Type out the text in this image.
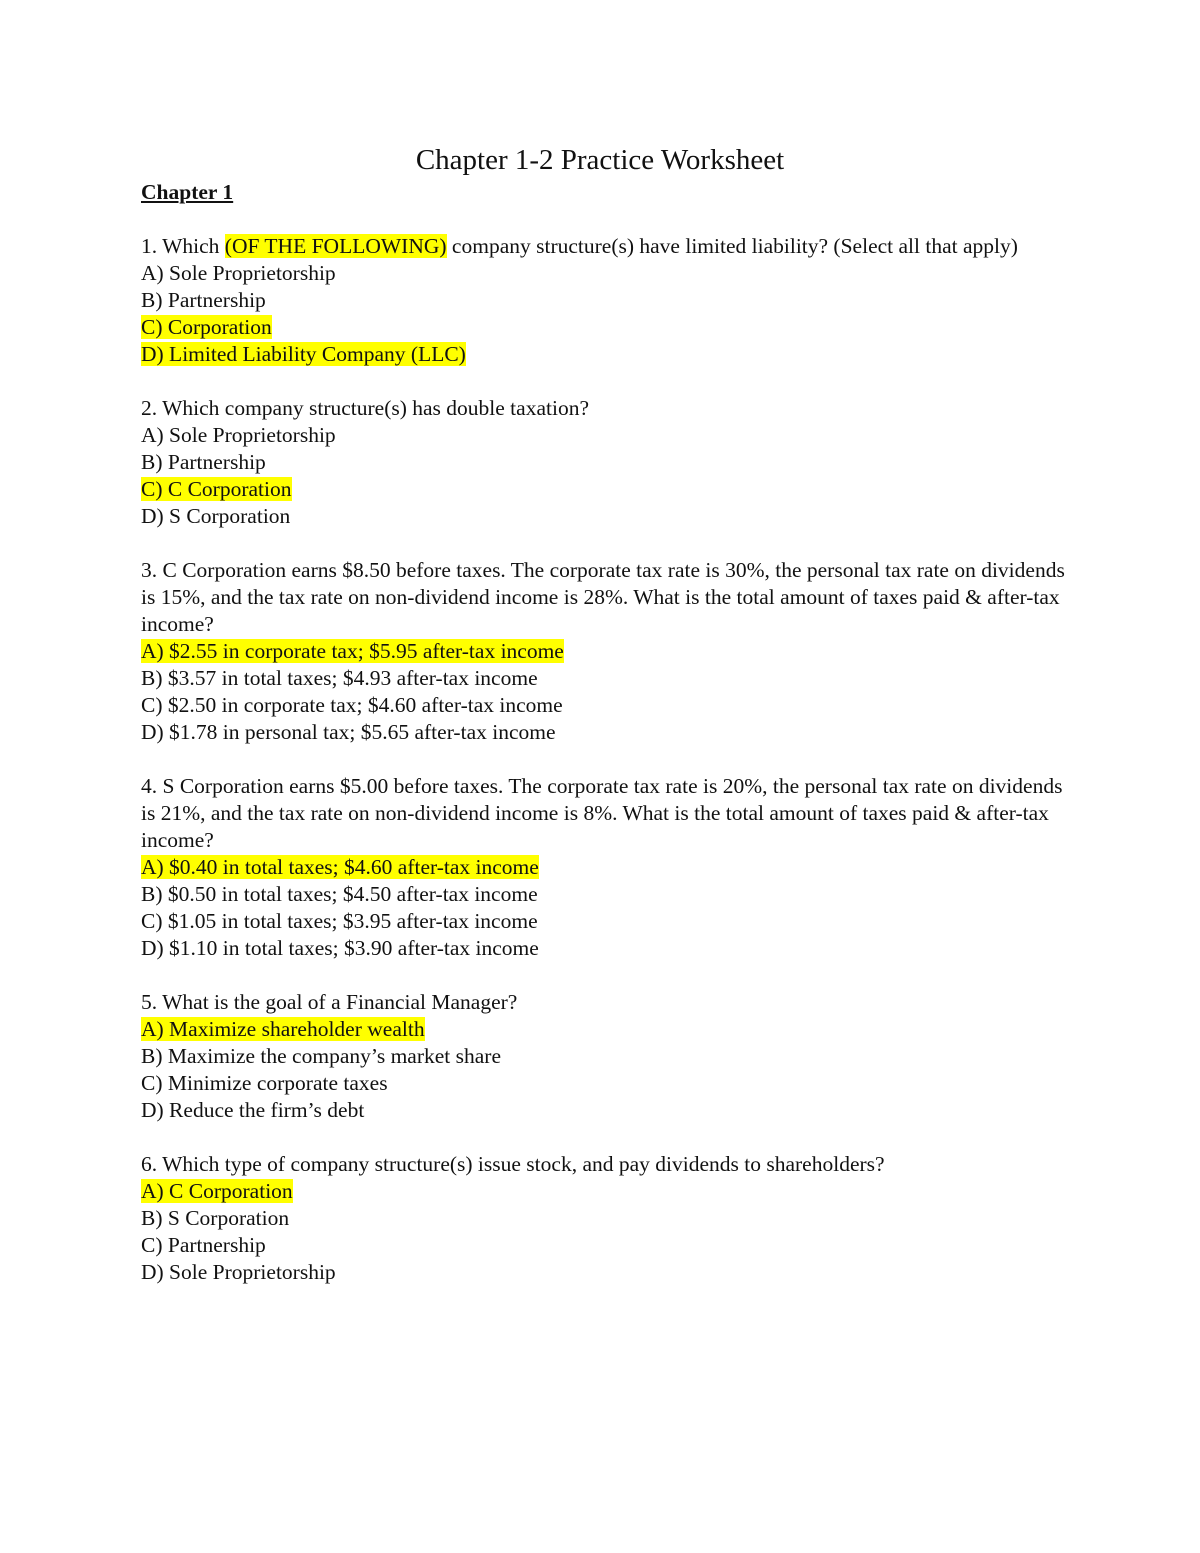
Chapter 1-2 Practice Worksheet
Chapter 1

1. Which (OF THE FOLLOWING) company structure(s) have limited liability? (Select all that apply)

A) Sole Proprietorship

B) Partnership

C) Corporation

D) Limited Liability Company (LLC)

2. Which company structure(s) has double taxation?

A) Sole Proprietorship

B) Partnership

C) C Corporation

D) S Corporation

3. C Corporation earns $8.50 before taxes. The corporate tax rate is 30%, the personal tax rate on dividends is 15%, and the tax rate on non-dividend income is 28%. What is the total amount of taxes paid & after-tax income?

A) $2.55 in corporate tax; $5.95 after-tax income

B) $3.57 in total taxes; $4.93 after-tax income

C) $2.50 in corporate tax; $4.60 after-tax income

D) $1.78 in personal tax; $5.65 after-tax income

4. S Corporation earns $5.00 before taxes. The corporate tax rate is 20%, the personal tax rate on dividends is 21%, and the tax rate on non-dividend income is 8%. What is the total amount of taxes paid & after-tax income?

A) $0.40 in total taxes; $4.60 after-tax income

B) $0.50 in total taxes; $4.50 after-tax income

C) $1.05 in total taxes; $3.95 after-tax income

D) $1.10 in total taxes; $3.90 after-tax income

5. What is the goal of a Financial Manager?

A) Maximize shareholder wealth

B) Maximize the company’s market share

C) Minimize corporate taxes

D) Reduce the firm’s debt

6. Which type of company structure(s) issue stock, and pay dividends to shareholders?

A) C Corporation

B) S Corporation

C) Partnership

D) Sole Proprietorship
